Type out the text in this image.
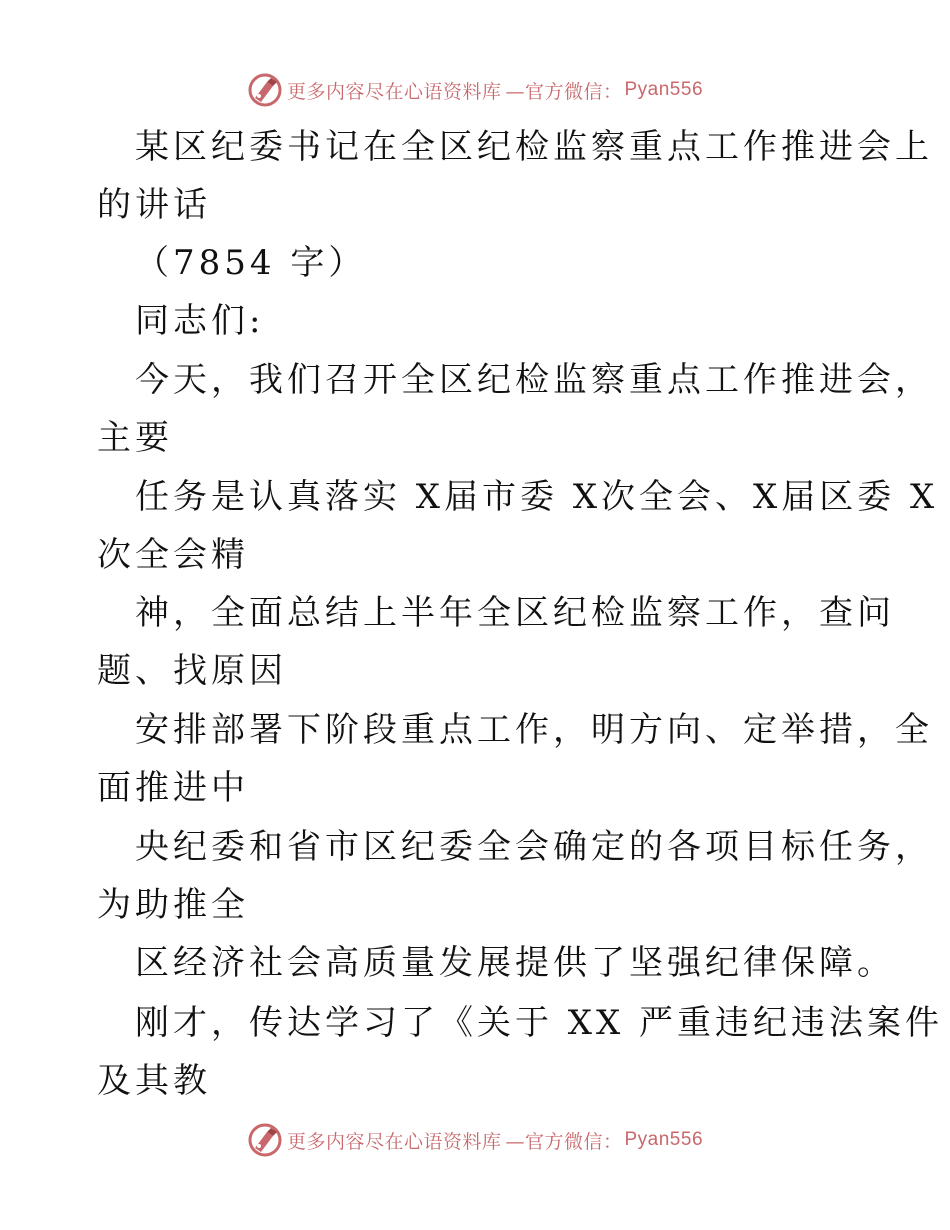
更多内容尽在心语资料库 —官方微信： Pyan556
某区纪委书记在全区纪检监察重点工作推进会上
的讲话
（7854 字）
同志们:
今天，我们召开全区纪检监察重点工作推进会，
主要
任务是认真落实 X届市委 X次全会、X届区委 X
次全会精
神，全面总结上半年全区纪检监察工作，查问
题、找原因
安排部署下阶段重点工作，明方向、定举措，全
面推进中
央纪委和省市区纪委全会确定的各项目标任务，
为助推全
区经济社会高质量发展提供了坚强纪律保障。
刚才，传达学习了《关于 XX 严重违纪违法案件
及其教
更多内容尽在心语资料库 —官方微信： Pyan556
